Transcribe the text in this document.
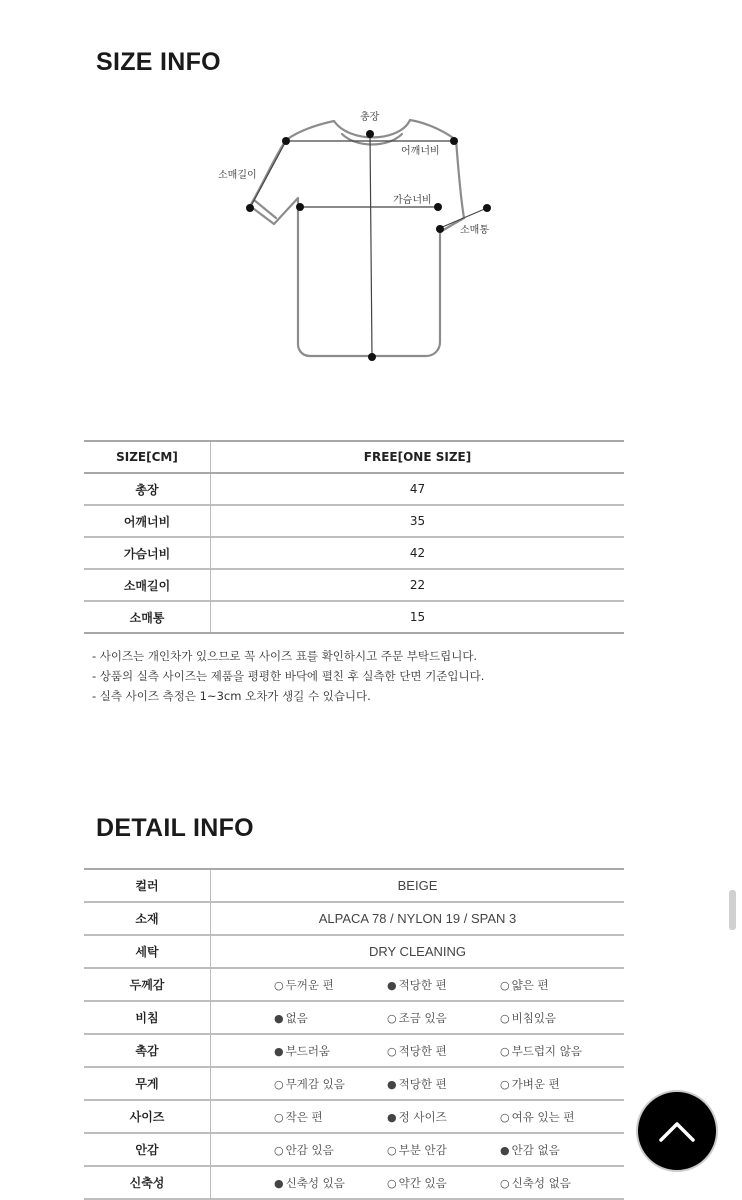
SIZE INFO
총장
어깨너비
가슴너비
소매길이
소매통
SIZE[CM]	FREE[ONE SIZE]
총장	47
어깨너비	35
가슴너비	42
소매길이	22
소매통	15
- 사이즈는 개인차가 있으므로 꼭 사이즈 표를 확인하시고 주문 부탁드립니다.
- 상품의 실측 사이즈는 제품을 평평한 바닥에 펼친 후 실측한 단면 기준입니다.
- 실측 사이즈 측정은 1~3cm 오차가 생길 수 있습니다.
DETAIL INFO
컬러	BEIGE
소재	ALPACA 78 / NYLON 19 / SPAN 3
세탁	DRY CLEANING
두께감	○ 두꺼운 편 ● 적당한 편 ○ 얇은 편

비침	● 없음 ○ 조금 있음 ○ 비침있음

촉감	● 부드러움 ○ 적당한 편 ○ 부드럽지 않음

무게	○ 무게감 있음 ● 적당한 편 ○ 가벼운 편

사이즈	○ 작은 편 ● 정 사이즈 ○ 여유 있는 편

안감	○ 안감 있음 ○ 부분 안감 ● 안감 없음

신축성	● 신축성 있음 ○ 약간 있음 ○ 신축성 없음
